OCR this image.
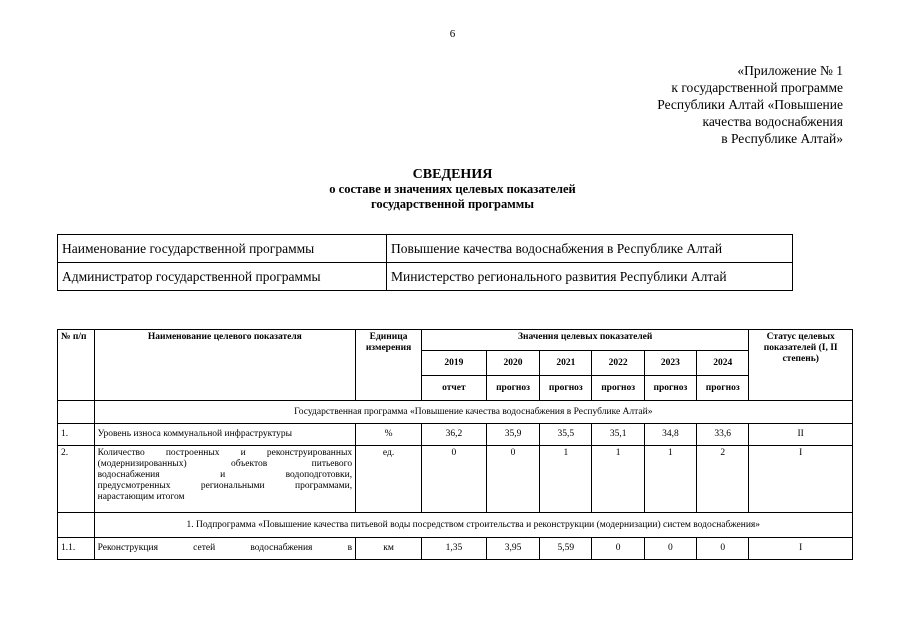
6
«Приложение № 1
к государственной программе
Республики Алтай «Повышение
качества водоснабжения
в Республике Алтай»
СВЕДЕНИЯ
о составе и значениях целевых показателей
государственной программы
Наименование государственной программы	Повышение качества водоснабжения в Республике Алтай
Администратор государственной программы	Министерство регионального развития Республики Алтай
№ п/п	Наименование целевого показателя	Единица измерения	Значения целевых показателей						Статус целевых показателей (I, II степень)
			2019	2020	2021	2022	2023	2024	
			отчет	прогноз	прогноз	прогноз	прогноз	прогноз	
	Государственная программа «Повышение качества водоснабжения в Республике Алтай»								
1.	Уровень износа коммунальной инфраструктуры	%	36,2	35,9	35,5	35,1	34,8	33,6	II
2.	Количество построенных и реконструированных
(модернизированных) объектов питьевого
водоснабжения и водоподготовки,
предусмотренных региональными программами,
нарастающим итогом	ед.	0	0	1	1	1	2	I
	1. Подпрограмма «Повышение качества питьевой воды посредством строительства и реконструкции (модернизации) систем водоснабжения»								
1.1.	Реконструкция сетей водоснабжения в	км	1,35	3,95	5,59	0	0	0	I
